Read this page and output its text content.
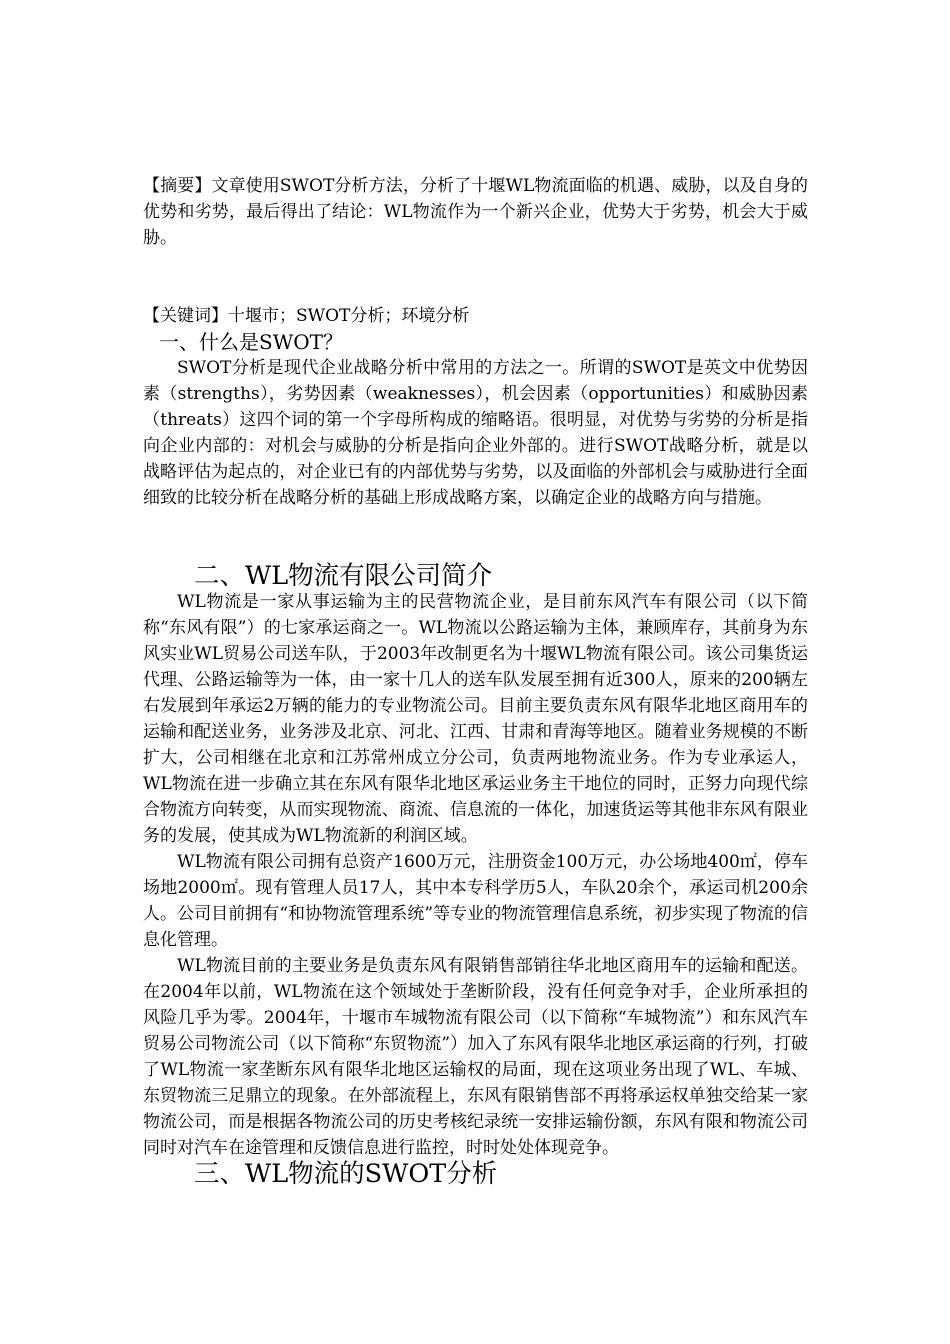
【摘要】文章使用SWOT分析方法，分析了十堰WL物流面临的机遇、威胁，以及自身的优势和劣势，最后得出了结论：WL物流作为一个新兴企业，优势大于劣势，机会大于威胁。

【关键词】十堰市；SWOT分析；环境分析

一、什么是SWOT？

SWOT分析是现代企业战略分析中常用的方法之一。所谓的SWOT是英文中优势因素（strengths），劣势因素（weaknesses），机会因素（opportunities）和威胁因素（threats）这四个词的第一个字母所构成的缩略语。很明显，对优势与劣势的分析是指向企业内部的：对机会与威胁的分析是指向企业外部的。进行SWOT战略分析，就是以战略评估为起点的，对企业已有的内部优势与劣势，以及面临的外部机会与威胁进行全面细致的比较分析在战略分析的基础上形成战略方案，以确定企业的战略方向与措施。

二、WL物流有限公司简介

WL物流是一家从事运输为主的民营物流企业，是目前东风汽车有限公司（以下简称“东风有限”）的七家承运商之一。WL物流以公路运输为主体，兼顾库存，其前身为东风实业WL贸易公司送车队，于2003年改制更名为十堰WL物流有限公司。该公司集货运代理、公路运输等为一体，由一家十几人的送车队发展至拥有近300人，原来的200辆左右发展到年承运2万辆的能力的专业物流公司。目前主要负责东风有限华北地区商用车的运输和配送业务，业务涉及北京、河北、江西、甘肃和青海等地区。随着业务规模的不断扩大，公司相继在北京和江苏常州成立分公司，负责两地物流业务。作为专业承运人，WL物流在进一步确立其在东风有限华北地区承运业务主干地位的同时，正努力向现代综合物流方向转变，从而实现物流、商流、信息流的一体化，加速货运等其他非东风有限业务的发展，使其成为WL物流新的利润区域。

WL物流有限公司拥有总资产1600万元，注册资金100万元，办公场地400㎡，停车场地2000㎡。现有管理人员17人，其中本专科学历5人，车队20余个，承运司机200余人。公司目前拥有“和协物流管理系统”等专业的物流管理信息系统，初步实现了物流的信息化管理。

WL物流目前的主要业务是负责东风有限销售部销往华北地区商用车的运输和配送。在2004年以前，WL物流在这个领域处于垄断阶段，没有任何竞争对手，企业所承担的风险几乎为零。2004年，十堰市车城物流有限公司（以下简称“车城物流”）和东风汽车贸易公司物流公司（以下简称“东贸物流”）加入了东风有限华北地区承运商的行列，打破了WL物流一家垄断东风有限华北地区运输权的局面，现在这项业务出现了WL、车城、东贸物流三足鼎立的现象。在外部流程上，东风有限销售部不再将承运权单独交给某一家物流公司，而是根据各物流公司的历史考核纪录统一安排运输份额，东风有限和物流公司同时对汽车在途管理和反馈信息进行监控，时时处处体现竞争。

三、WL物流的SWOT分析
